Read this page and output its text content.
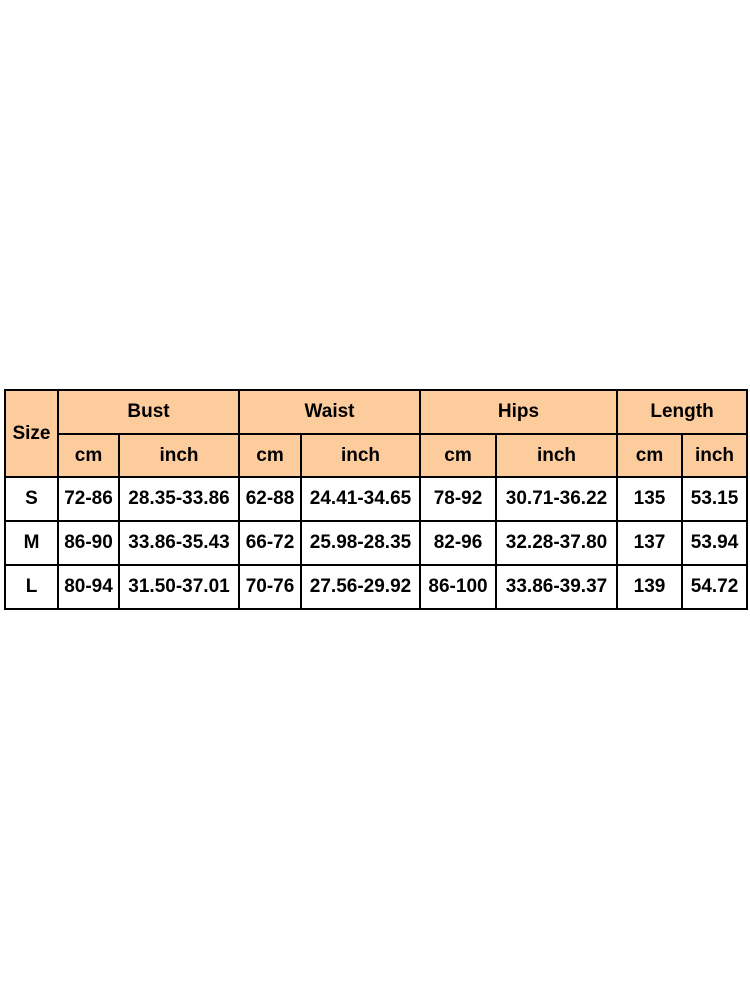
Size	Bust		Waist		Hips		Length	
	cm	inch	cm	inch	cm	inch	cm	inch
S	72-86	28.35-33.86	62-88	24.41-34.65	78-92	30.71-36.22	135	53.15
M	86-90	33.86-35.43	66-72	25.98-28.35	82-96	32.28-37.80	137	53.94
L	80-94	31.50-37.01	70-76	27.56-29.92	86-100	33.86-39.37	139	54.72
